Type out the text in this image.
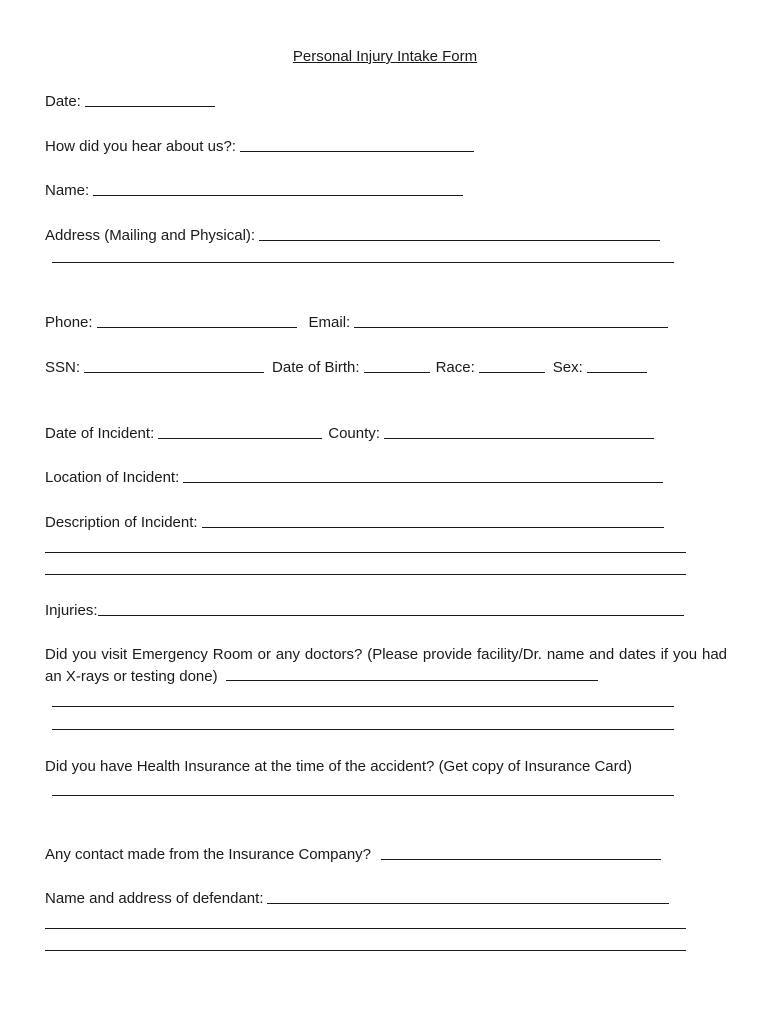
Personal Injury Intake Form
Date:
How did you hear about us?:
Name:
Address (Mailing and Physical):
Phone:	Email:
SSN:	Date of Birth:	Race:	Sex:
Date of Incident:	County:
Location of Incident:
Description of Incident:
Injuries:
Did you visit Emergency Room or any doctors? (Please provide facility/Dr. name and dates if you had an X-rays or testing done)
Did you have Health Insurance at the time of the accident? (Get copy of Insurance Card)
Any contact made from the Insurance Company?
Name and address of defendant:
